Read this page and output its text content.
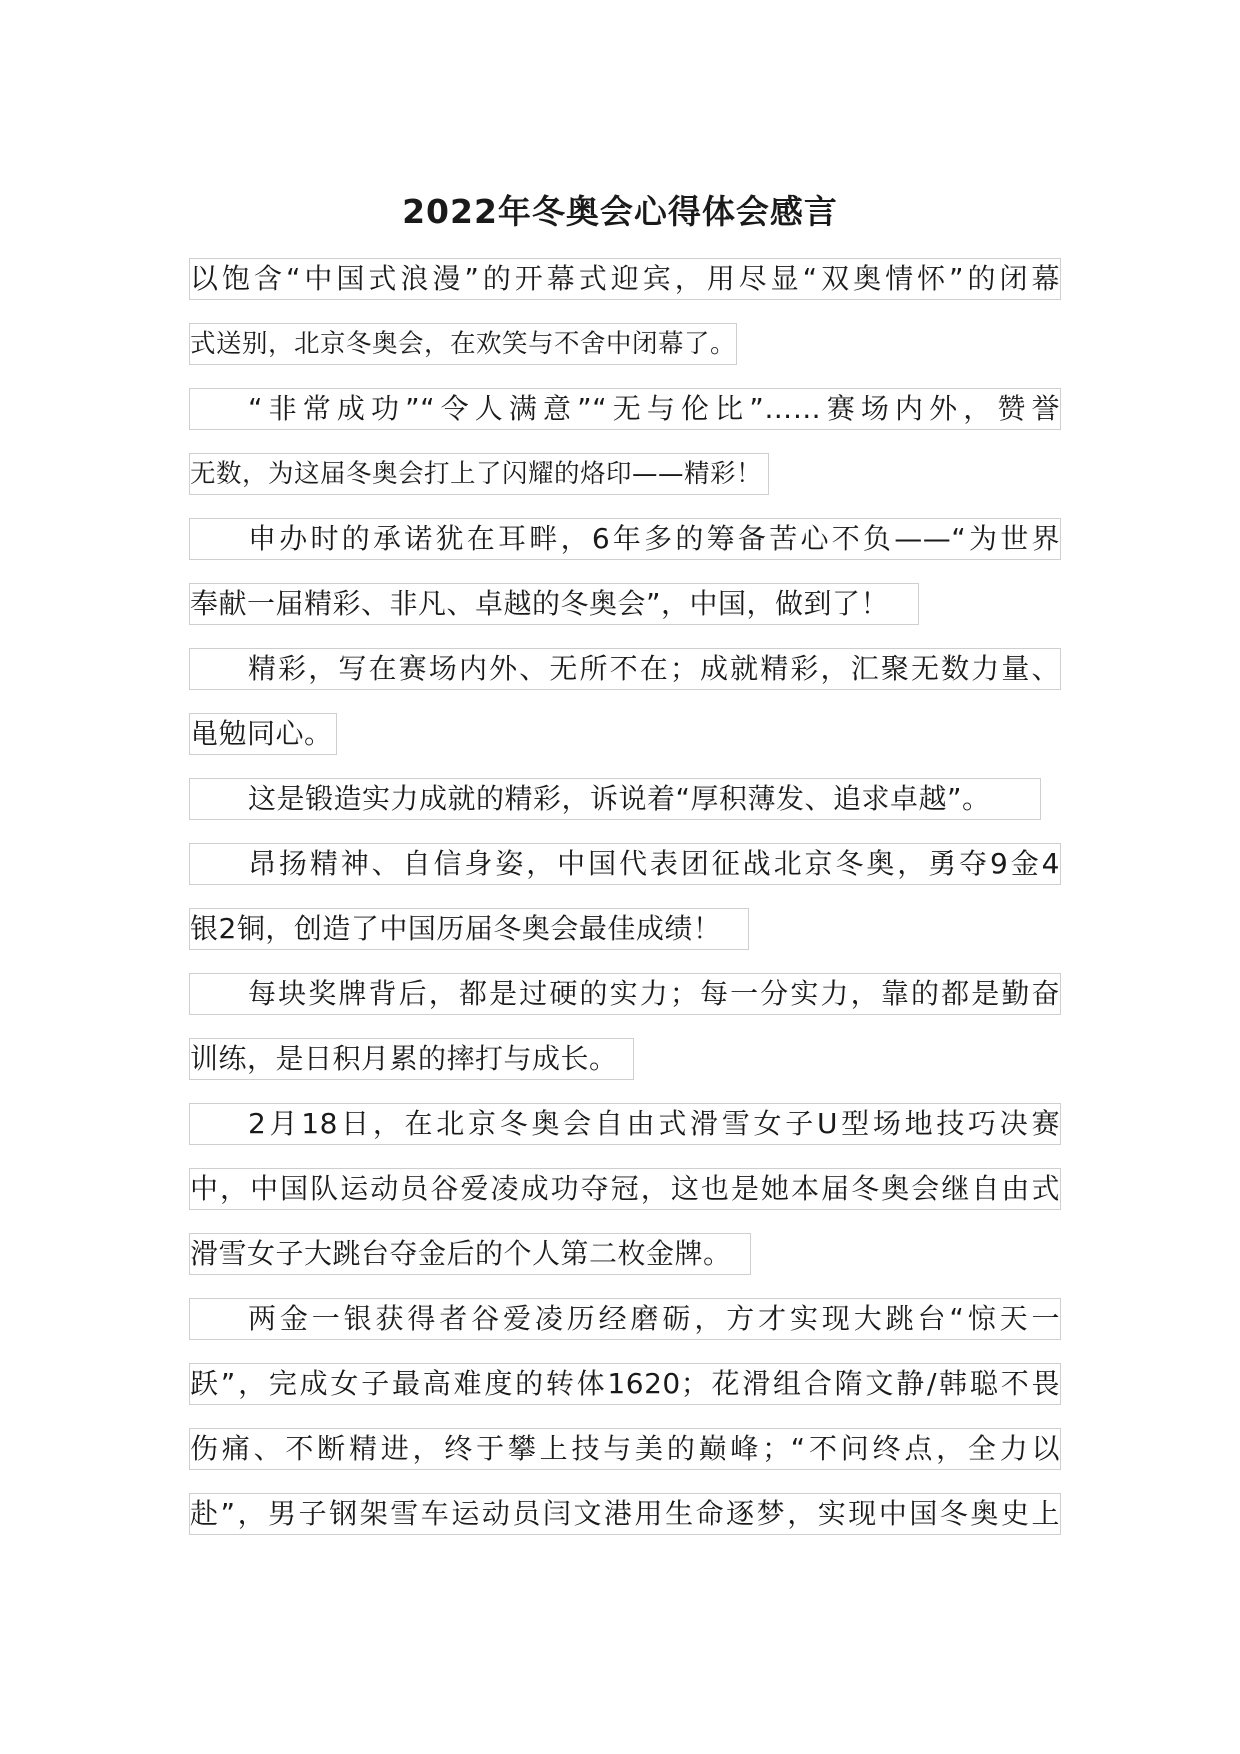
2022年冬奥会心得体会感言
以饱含“中国式浪漫”的开幕式迎宾，用尽显“双奥情怀”的闭幕
式送别，北京冬奥会，在欢笑与不舍中闭幕了。
“非常成功”“令人满意”“无与伦比”……赛场内外，赞誉
无数，为这届冬奥会打上了闪耀的烙印——精彩！
申办时的承诺犹在耳畔，6年多的筹备苦心不负——“为世界
奉献一届精彩、非凡、卓越的冬奥会”，中国，做到了！
精彩，写在赛场内外、无所不在；成就精彩，汇聚无数力量、
黾勉同心。
这是锻造实力成就的精彩，诉说着“厚积薄发、追求卓越”。
昂扬精神、自信身姿，中国代表团征战北京冬奥，勇夺9金4
银2铜，创造了中国历届冬奥会最佳成绩！
每块奖牌背后，都是过硬的实力；每一分实力，靠的都是勤奋
训练，是日积月累的摔打与成长。
2月18日，在北京冬奥会自由式滑雪女子U型场地技巧决赛
中，中国队运动员谷爱凌成功夺冠，这也是她本届冬奥会继自由式
滑雪女子大跳台夺金后的个人第二枚金牌。
两金一银获得者谷爱凌历经磨砺，方才实现大跳台“惊天一
跃”，完成女子最高难度的转体1620；花滑组合隋文静/韩聪不畏
伤痛、不断精进，终于攀上技与美的巅峰；“不问终点，全力以
赴”，男子钢架雪车运动员闫文港用生命逐梦，实现中国冬奥史上
